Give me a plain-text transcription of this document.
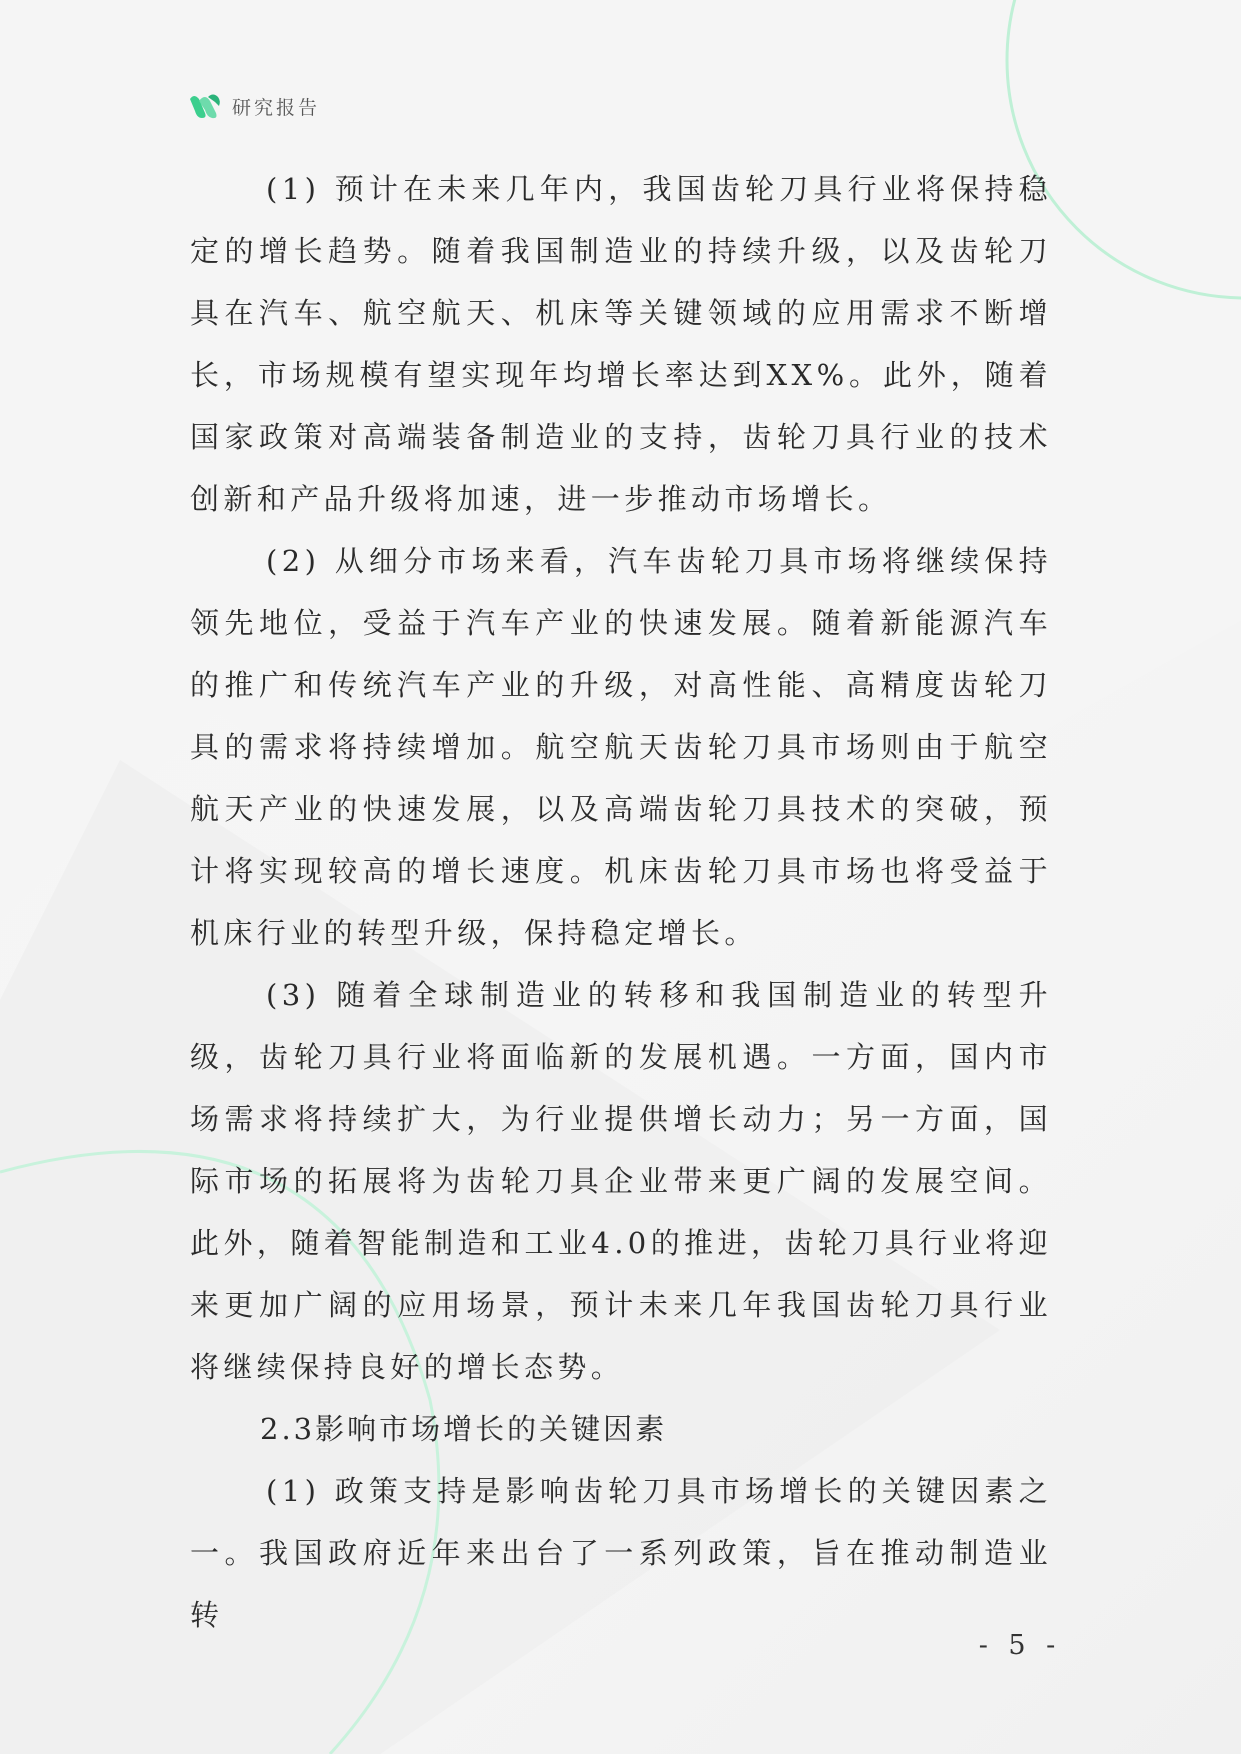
研究报告

(1) 预计在未来几年内，我国齿轮刀具行业将保持稳定的增长趋势。随着我国制造业的持续升级，以及齿轮刀具在汽车、航空航天、机床等关键领域的应用需求不断增长，市场规模有望实现年均增长率达到XX%。此外，随着国家政策对高端装备制造业的支持，齿轮刀具行业的技术创新和产品升级将加速，进一步推动市场增长。

(2) 从细分市场来看，汽车齿轮刀具市场将继续保持领先地位，受益于汽车产业的快速发展。随着新能源汽车的推广和传统汽车产业的升级，对高性能、高精度齿轮刀具的需求将持续增加。航空航天齿轮刀具市场则由于航空航天产业的快速发展，以及高端齿轮刀具技术的突破，预计将实现较高的增长速度。机床齿轮刀具市场也将受益于机床行业的转型升级，保持稳定增长。

(3) 随着全球制造业的转移和我国制造业的转型升级，齿轮刀具行业将面临新的发展机遇。一方面，国内市场需求将持续扩大，为行业提供增长动力；另一方面，国际市场的拓展将为齿轮刀具企业带来更广阔的发展空间。此外，随着智能制造和工业4.0的推进，齿轮刀具行业将迎来更加广阔的应用场景，预计未来几年我国齿轮刀具行业将继续保持良好的增长态势。

2.3影响市场增长的关键因素

(1) 政策支持是影响齿轮刀具市场增长的关键因素之一。我国政府近年来出台了一系列政策，旨在推动制造业转

- 5 -
